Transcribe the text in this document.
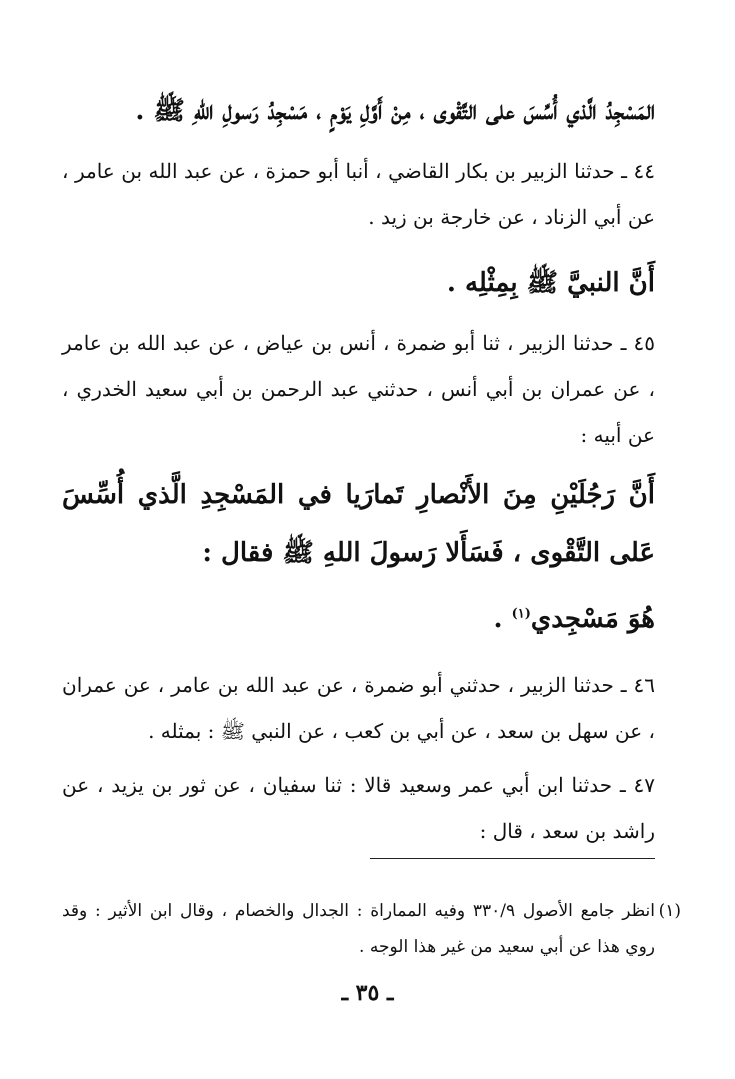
المَسْجِدُ الَّذي أُسِّسَ على التَّقْوى ، مِنْ أَوَّلِ يَوْمٍ ، مَسْجِدُ رَسولِ اللهِ ﷺ .

٤٤ ـ حدثنا الزبير بن بكار القاضي ، أنبا أبو حمزة ، عن عبد الله بن عامر ، عن أبي الزناد ، عن خارجة بن زيد .

أَنَّ النبيَّ ﷺ بِمِثْلِه .

٤٥ ـ حدثنا الزبير ، ثنا أبو ضمرة ، أنس بن عياض ، عن عبد الله بن عامر ، عن عمران بن أبي أنس ، حدثني عبد الرحمن بن أبي سعيد الخدري ، عن أبيه :

أَنَّ رَجُلَيْنِ مِنَ الأَنْصارِ تَمارَيا في المَسْجِدِ الَّذي أُسِّسَ عَلى التَّقْوى ، فَسَأَلا رَسولَ اللهِ ﷺ فقال :

هُوَ مَسْجِدي$^{(١)}$ .

٤٦ ـ حدثنا الزبير ، حدثني أبو ضمرة ، عن عبد الله بن عامر ، عن عمران ، عن سهل بن سعد ، عن أبي بن كعب ، عن النبي ﷺ : بمثله .

٤٧ ـ حدثنا ابن أبي عمر وسعيد قالا : ثنا سفيان ، عن ثور بن يزيد ، عن راشد بن سعد ، قال :

(١)
انظر جامع الأصول ٣٣٠/٩ وفيه المماراة : الجدال والخصام ، وقال ابن الأثير : وقد روي هذا عن أبي سعيد من غير هذا الوجه .
ـ ٣٥ ـ
